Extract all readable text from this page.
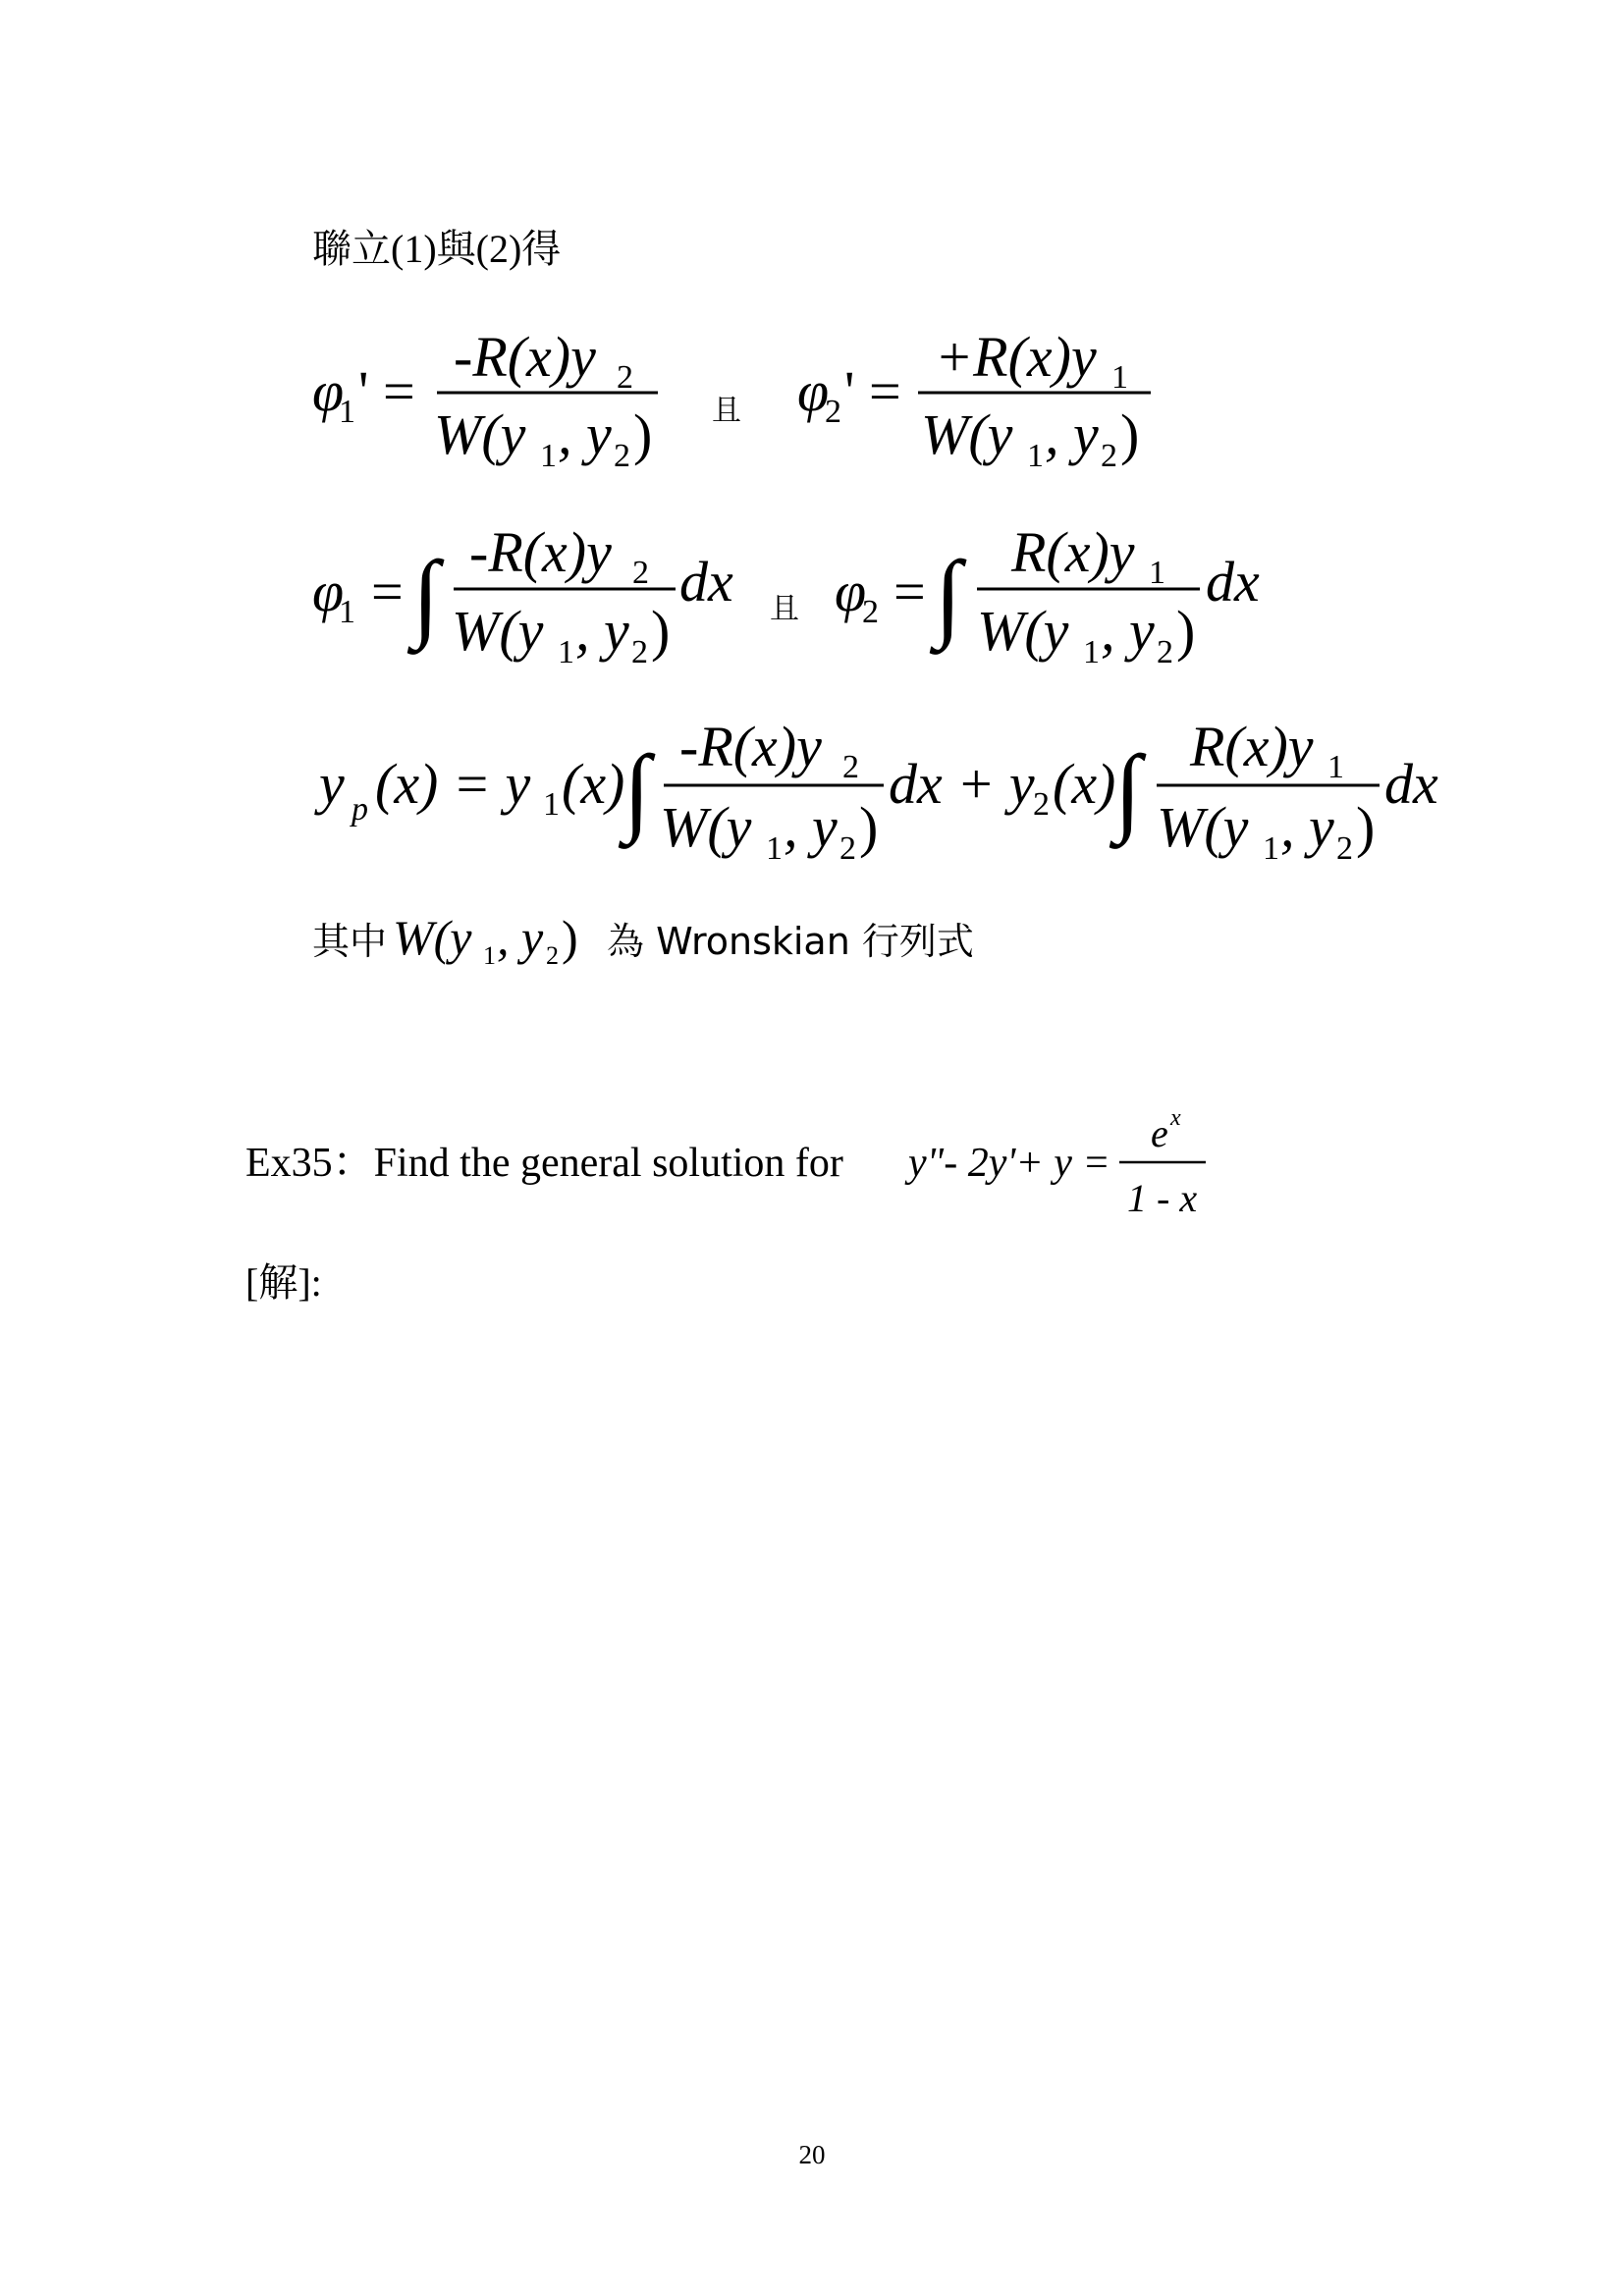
聯立(1)與(2)得
φ
1 ' =
-R(x)y 2
W(y 1 , y 2 ) 且 φ
2 ' =
+R(x)y 1
W(y 1 , y 2 )
φ
1 = ∫ -R(x)y 2
W(y 1 , y 2 )
dx 且 φ
2 = ∫ R(x)y 1
W(y 1 , y 2 )
dx
y p (x) = y 1 (x)
∫ -R(x)y 2
W(y 1 , y 2 )
dx + y
2 (x)
∫ R(x)y 1
W(y 1 , y 2 )
dx
其中 W(y 1 , y 2 ) 為 Wronskian 行列式
Ex35：Find the general solution for y"- 2y'+ y =
e x
1 - x
[解]:
20
